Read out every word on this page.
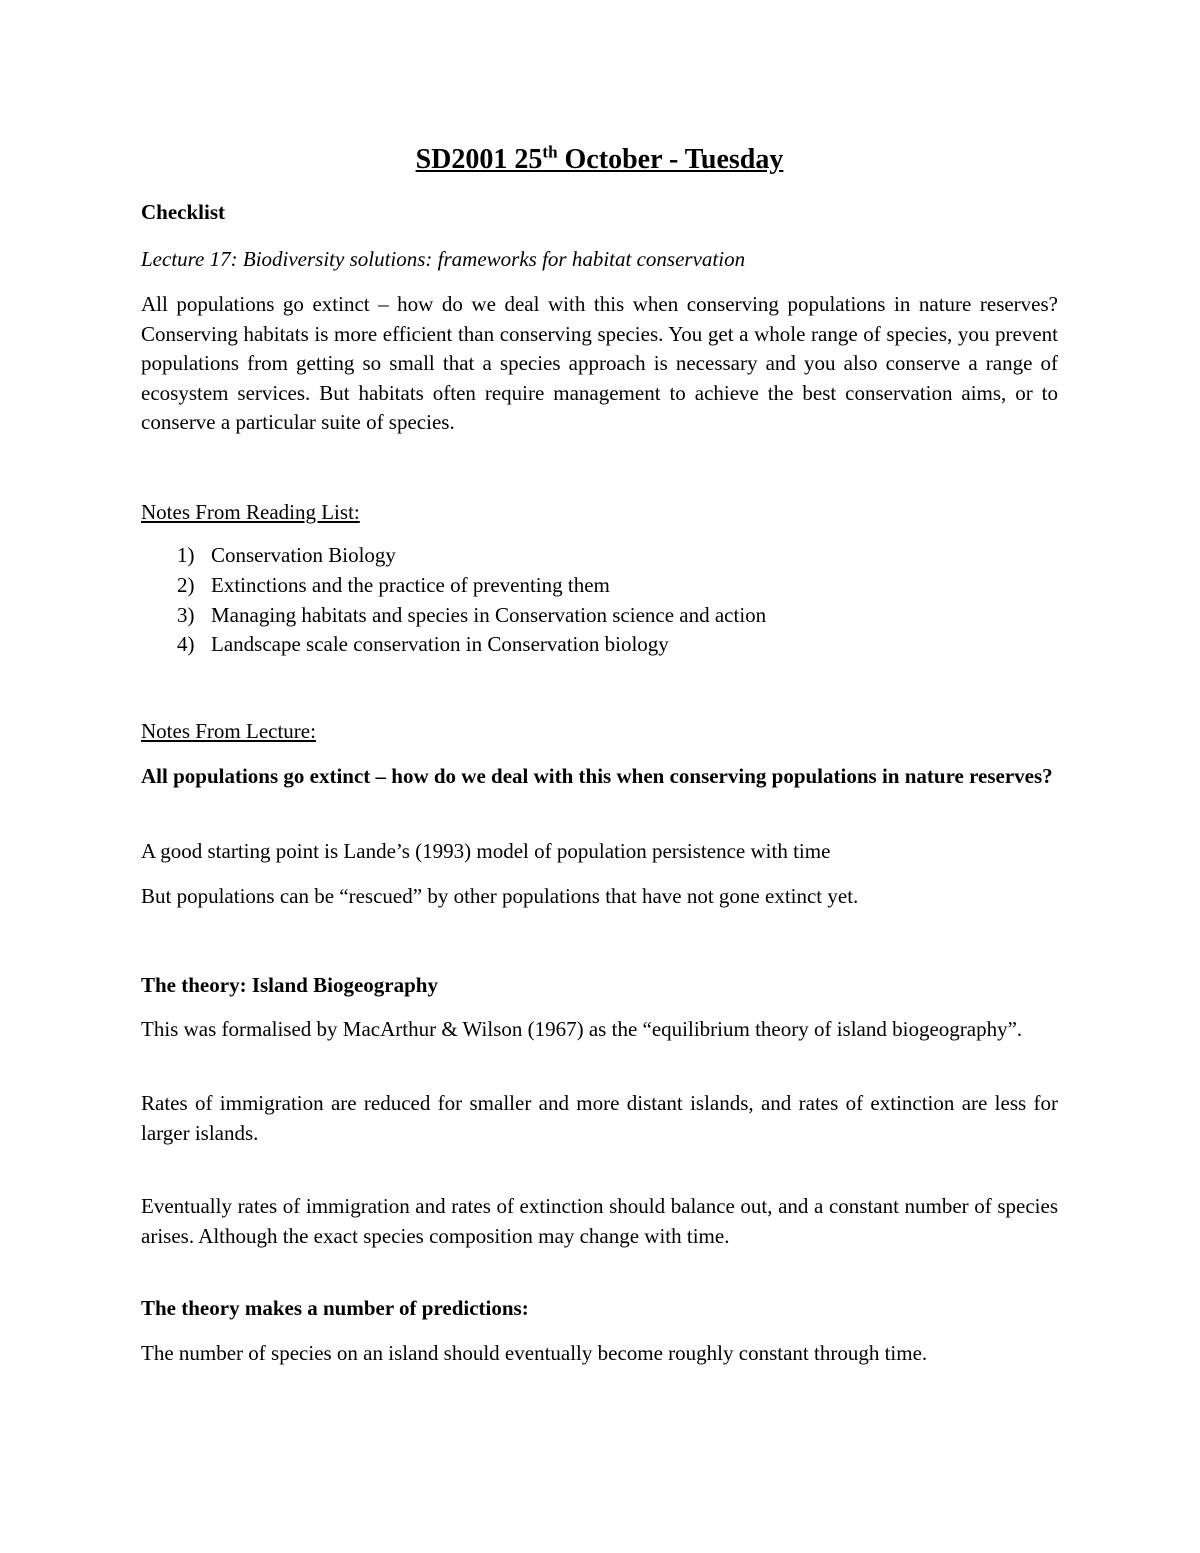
SD2001 25th October - Tuesday

Checklist

Lecture 17: Biodiversity solutions: frameworks for habitat conservation

All populations go extinct – how do we deal with this when conserving populations in nature reserves? Conserving habitats is more efficient than conserving species. You get a whole range of species, you prevent populations from getting so small that a species approach is necessary and you also conserve a range of ecosystem services. But habitats often require management to achieve the best conservation aims, or to conserve a particular suite of species.

Notes From Reading List:

1) Conservation Biology
2) Extinctions and the practice of preventing them
3) Managing habitats and species in Conservation science and action
4) Landscape scale conservation in Conservation biology

Notes From Lecture:

All populations go extinct – how do we deal with this when conserving populations in nature reserves?

A good starting point is Lande’s (1993) model of population persistence with time

But populations can be “rescued” by other populations that have not gone extinct yet.

The theory: Island Biogeography

This was formalised by MacArthur & Wilson (1967) as the “equilibrium theory of island biogeography”.

Rates of immigration are reduced for smaller and more distant islands, and rates of extinction are less for larger islands.

Eventually rates of immigration and rates of extinction should balance out, and a constant number of species arises. Although the exact species composition may change with time.

The theory makes a number of predictions:

The number of species on an island should eventually become roughly constant through time.
